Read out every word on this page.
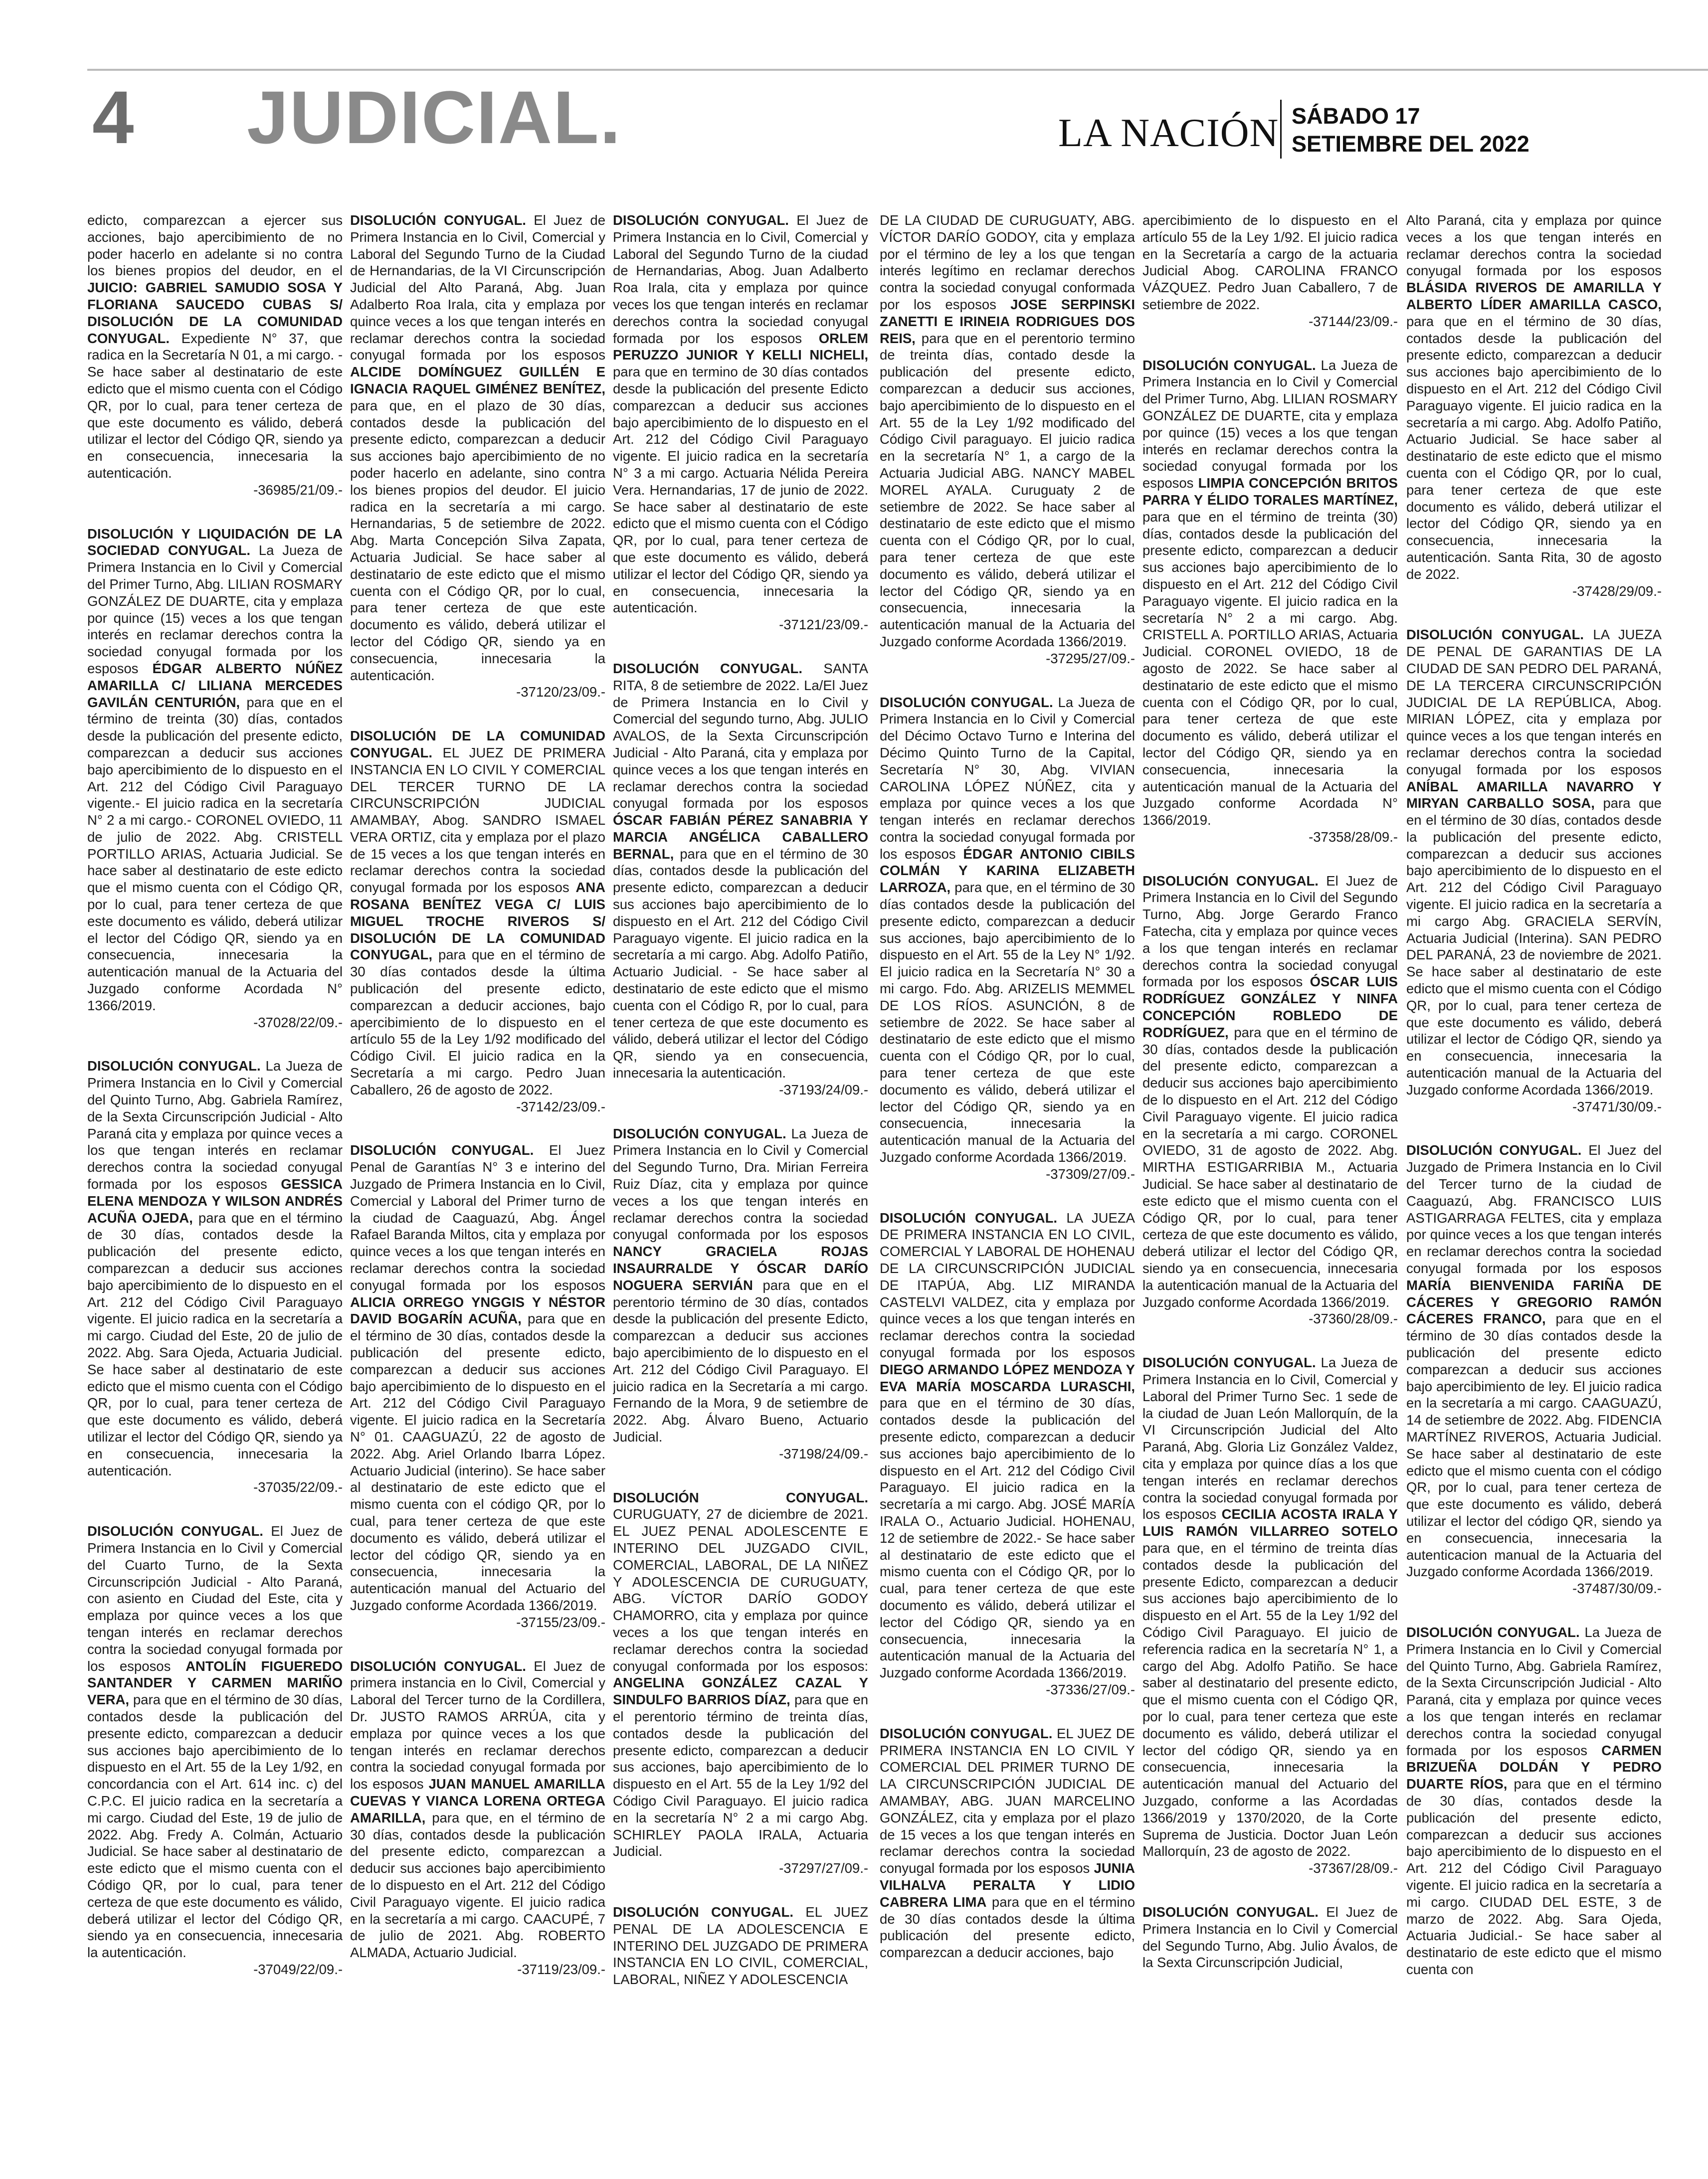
4 JUDICIAL.	LA NACIÓN SÁBADO 17
SETIEMBRE DEL 2022

edicto, comparezcan a ejercer sus acciones, bajo apercibimiento de no poder hacerlo en adelante si no contra los bienes propios del deudor, en el JUICIO: GABRIEL SAMUDIO SOSA Y FLORIANA SAUCEDO CUBAS S/ DISOLUCIÓN DE LA COMUNIDAD CONYUGAL. Expediente N° 37, que radica en la Secretaría N 01, a mi cargo. - Se hace saber al destinatario de este edicto que el mismo cuenta con el Código QR, por lo cual, para tener certeza de que este documento es válido, deberá utilizar el lector del Código QR, siendo ya en consecuencia, innecesaria la autenticación.
-36985/21/09.-

DISOLUCIÓN Y LIQUIDACIÓN DE LA SOCIEDAD CONYUGAL. La Jueza de Primera Instancia en lo Civil y Comercial del Primer Turno, Abg. LILIAN ROSMARY GONZÁLEZ DE DUARTE, cita y emplaza por quince (15) veces a los que tengan interés en reclamar derechos contra la sociedad conyugal formada por los esposos ÉDGAR ALBERTO NÚÑEZ AMARILLA C/ LILIANA MERCEDES GAVILÁN CENTURIÓN, para que en el término de treinta (30) días, contados desde la publicación del presente edicto, comparezcan a deducir sus acciones bajo apercibimiento de lo dispuesto en el Art. 212 del Código Civil Paraguayo vigente.- El juicio radica en la secretaría N° 2 a mi cargo.- CORONEL OVIEDO, 11 de julio de 2022. Abg. CRISTELL PORTILLO ARIAS, Actuaria Judicial. Se hace saber al destinatario de este edicto que el mismo cuenta con el Código QR, por lo cual, para tener certeza de que este documento es válido, deberá utilizar el lector del Código QR, siendo ya en consecuencia, innecesaria la autenticación manual de la Actuaria del Juzgado conforme Acordada N° 1366/2019.
-37028/22/09.-

DISOLUCIÓN CONYUGAL. La Jueza de Primera Instancia en lo Civil y Comercial del Quinto Turno, Abg. Gabriela Ramírez, de la Sexta Circunscripción Judicial - Alto Paraná cita y emplaza por quince veces a los que tengan interés en reclamar derechos contra la sociedad conyugal formada por los esposos GESSICA ELENA MENDOZA Y WILSON ANDRÉS ACUÑA OJEDA, para que en el término de 30 días, contados desde la publicación del presente edicto, comparezcan a deducir sus acciones bajo apercibimiento de lo dispuesto en el Art. 212 del Código Civil Paraguayo vigente. El juicio radica en la secretaría a mi cargo. Ciudad del Este, 20 de julio de 2022. Abg. Sara Ojeda, Actuaria Judicial. Se hace saber al destinatario de este edicto que el mismo cuenta con el Código QR, por lo cual, para tener certeza de que este documento es válido, deberá utilizar el lector del Código QR, siendo ya en consecuencia, innecesaria la autenticación.
-37035/22/09.-

DISOLUCIÓN CONYUGAL. El Juez de Primera Instancia en lo Civil y Comercial del Cuarto Turno, de la Sexta Circunscripción Judicial - Alto Paraná, con asiento en Ciudad del Este, cita y emplaza por quince veces a los que tengan interés en reclamar derechos contra la sociedad conyugal formada por los esposos ANTOLÍN FIGUEREDO SANTANDER Y CARMEN MARIÑO VERA, para que en el término de 30 días, contados desde la publicación del presente edicto, comparezcan a deducir sus acciones bajo apercibimiento de lo dispuesto en el Art. 55 de la Ley 1/92, en concordancia con el Art. 614 inc. c) del C.P.C. El juicio radica en la secretaría a mi cargo. Ciudad del Este, 19 de julio de 2022. Abg. Fredy A. Colmán, Actuario Judicial. Se hace saber al destinatario de este edicto que el mismo cuenta con el Código QR, por lo cual, para tener certeza de que este documento es válido, deberá utilizar el lector del Código QR, siendo ya en consecuencia, innecesaria la autenticación.
-37049/22/09.-

DISOLUCIÓN CONYUGAL. El Juez de Primera Instancia en lo Civil, Comercial y Laboral del Segundo Turno de la Ciudad de Hernandarias, de la VI Circunscripción Judicial del Alto Paraná, Abg. Juan Adalberto Roa Irala, cita y emplaza por quince veces a los que tengan interés en reclamar derechos contra la sociedad conyugal formada por los esposos ALCIDE DOMÍNGUEZ GUILLÉN E IGNACIA RAQUEL GIMÉNEZ BENÍTEZ, para que, en el plazo de 30 días, contados desde la publicación del presente edicto, comparezcan a deducir sus acciones bajo apercibimiento de no poder hacerlo en adelante, sino contra los bienes propios del deudor. El juicio radica en la secretaría a mi cargo. Hernandarias, 5 de setiembre de 2022. Abg. Marta Concepción Silva Zapata, Actuaria Judicial. Se hace saber al destinatario de este edicto que el mismo cuenta con el Código QR, por lo cual, para tener certeza de que este documento es válido, deberá utilizar el lector del Código QR, siendo ya en consecuencia, innecesaria la autenticación.
-37120/23/09.-

DISOLUCIÓN DE LA COMUNIDAD CONYUGAL. EL JUEZ DE PRIMERA INSTANCIA EN LO CIVIL Y COMERCIAL DEL TERCER TURNO DE LA CIRCUNSCRIPCIÓN JUDICIAL AMAMBAY, Abog. SANDRO ISMAEL VERA ORTIZ, cita y emplaza por el plazo de 15 veces a los que tengan interés en reclamar derechos contra la sociedad conyugal formada por los esposos ANA ROSANA BENÍTEZ VEGA C/ LUIS MIGUEL TROCHE RIVEROS S/ DISOLUCIÓN DE LA COMUNIDAD CONYUGAL, para que en el término de 30 días contados desde la última publicación del presente edicto, comparezcan a deducir acciones, bajo apercibimiento de lo dispuesto en el artículo 55 de la Ley 1/92 modificado del Código Civil. El juicio radica en la Secretaría a mi cargo. Pedro Juan Caballero, 26 de agosto de 2022.
-37142/23/09.-

DISOLUCIÓN CONYUGAL. El Juez Penal de Garantías N° 3 e interino del Juzgado de Primera Instancia en lo Civil, Comercial y Laboral del Primer turno de la ciudad de Caaguazú, Abg. Ángel Rafael Baranda Miltos, cita y emplaza por quince veces a los que tengan interés en reclamar derechos contra la sociedad conyugal formada por los esposos ALICIA ORREGO YNGGIS Y NÉSTOR DAVID BOGARÍN ACUÑA, para que en el término de 30 días, contados desde la publicación del presente edicto, comparezcan a deducir sus acciones bajo apercibimiento de lo dispuesto en el Art. 212 del Código Civil Paraguayo vigente. El juicio radica en la Secretaría N° 01. CAAGUAZÚ, 22 de agosto de 2022. Abg. Ariel Orlando Ibarra López. Actuario Judicial (interino). Se hace saber al destinatario de este edicto que el mismo cuenta con el código QR, por lo cual, para tener certeza de que este documento es válido, deberá utilizar el lector del código QR, siendo ya en consecuencia, innecesaria la autenticación manual del Actuario del Juzgado conforme Acordada 1366/2019.
-37155/23/09.-

DISOLUCIÓN CONYUGAL. El Juez de primera instancia en lo Civil, Comercial y Laboral del Tercer turno de la Cordillera, Dr. JUSTO RAMOS ARRÚA, cita y emplaza por quince veces a los que tengan interés en reclamar derechos contra la sociedad conyugal formada por los esposos JUAN MANUEL AMARILLA CUEVAS Y VIANCA LORENA ORTEGA AMARILLA, para que, en el término de 30 días, contados desde la publicación del presente edicto, comparezcan a deducir sus acciones bajo apercibimiento de lo dispuesto en el Art. 212 del Código Civil Paraguayo vigente. El juicio radica en la secretaría a mi cargo. CAACUPÉ, 7 de julio de 2021. Abg. ROBERTO ALMADA, Actuario Judicial.
-37119/23/09.-

DISOLUCIÓN CONYUGAL. El Juez de Primera Instancia en lo Civil, Comercial y Laboral del Segundo Turno de la ciudad de Hernandarias, Abog. Juan Adalberto Roa Irala, cita y emplaza por quince veces los que tengan interés en reclamar derechos contra la sociedad conyugal formada por los esposos ORLEM PERUZZO JUNIOR Y KELLI NICHELI, para que en termino de 30 días contados desde la publicación del presente Edicto comparezcan a deducir sus acciones bajo apercibimiento de lo dispuesto en el Art. 212 del Código Civil Paraguayo vigente. El juicio radica en la secretaría N° 3 a mi cargo. Actuaria Nélida Pereira Vera. Hernandarias, 17 de junio de 2022. Se hace saber al destinatario de este edicto que el mismo cuenta con el Código QR, por lo cual, para tener certeza de que este documento es válido, deberá utilizar el lector del Código QR, siendo ya en consecuencia, innecesaria la autenticación.
-37121/23/09.-

DISOLUCIÓN CONYUGAL. SANTA RITA, 8 de setiembre de 2022. La/El Juez de Primera Instancia en lo Civil y Comercial del segundo turno, Abg. JULIO AVALOS, de la Sexta Circunscripción Judicial - Alto Paraná, cita y emplaza por quince veces a los que tengan interés en reclamar derechos contra la sociedad conyugal formada por los esposos ÓSCAR FABIÁN PÉREZ SANABRIA Y MARCIA ANGÉLICA CABALLERO BERNAL, para que en el término de 30 días, contados desde la publicación del presente edicto, comparezcan a deducir sus acciones bajo apercibimiento de lo dispuesto en el Art. 212 del Código Civil Paraguayo vigente. El juicio radica en la secretaría a mi cargo. Abg. Adolfo Patiño, Actuario Judicial. - Se hace saber al destinatario de este edicto que el mismo cuenta con el Código R, por lo cual, para tener certeza de que este documento es válido, deberá utilizar el lector del Código QR, siendo ya en consecuencia, innecesaria la autenticación.
-37193/24/09.-

DISOLUCIÓN CONYUGAL. La Jueza de Primera Instancia en lo Civil y Comercial del Segundo Turno, Dra. Mirian Ferreira Ruiz Díaz, cita y emplaza por quince veces a los que tengan interés en reclamar derechos contra la sociedad conyugal conformada por los esposos NANCY GRACIELA ROJAS INSAURRALDE Y ÓSCAR DARÍO NOGUERA SERVIÁN para que en el perentorio término de 30 días, contados desde la publicación del presente Edicto, comparezcan a deducir sus acciones bajo apercibimiento de lo dispuesto en el Art. 212 del Código Civil Paraguayo. El juicio radica en la Secretaría a mi cargo. Fernando de la Mora, 9 de setiembre de 2022. Abg. Álvaro Bueno, Actuario Judicial.
-37198/24/09.-

DISOLUCIÓN CONYUGAL. CURUGUATY, 27 de diciembre de 2021. EL JUEZ PENAL ADOLESCENTE E INTERINO DEL JUZGADO CIVIL, COMERCIAL, LABORAL, DE LA NIÑEZ Y ADOLESCENCIA DE CURUGUATY, ABG. VÍCTOR DARÍO GODOY CHAMORRO, cita y emplaza por quince veces a los que tengan interés en reclamar derechos contra la sociedad conyugal conformada por los esposos: ANGELINA GONZÁLEZ CAZAL Y SINDULFO BARRIOS DÍAZ, para que en el perentorio término de treinta días, contados desde la publicación del presente edicto, comparezcan a deducir sus acciones, bajo apercibimiento de lo dispuesto en el Art. 55 de la Ley 1/92 del Código Civil Paraguayo. El juicio radica en la secretaría N° 2 a mi cargo Abg. SCHIRLEY PAOLA IRALA, Actuaria Judicial.
-37297/27/09.-

DISOLUCIÓN CONYUGAL. EL JUEZ PENAL DE LA ADOLESCENCIA E INTERINO DEL JUZGADO DE PRIMERA INSTANCIA EN LO CIVIL, COMERCIAL, LABORAL, NIÑEZ Y ADOLESCENCIA

DE LA CIUDAD DE CURUGUATY, ABG. VÍCTOR DARÍO GODOY, cita y emplaza por el término de ley a los que tengan interés legítimo en reclamar derechos contra la sociedad conyugal conformada por los esposos JOSE SERPINSKI ZANETTI E IRINEIA RODRIGUES DOS REIS, para que en el perentorio termino de treinta días, contado desde la publicación del presente edicto, comparezcan a deducir sus acciones, bajo apercibimiento de lo dispuesto en el Art. 55 de la Ley 1/92 modificado del Código Civil paraguayo. El juicio radica en la secretaría N° 1, a cargo de la Actuaria Judicial ABG. NANCY MABEL MOREL AYALA. Curuguaty 2 de setiembre de 2022. Se hace saber al destinatario de este edicto que el mismo cuenta con el Código QR, por lo cual, para tener certeza de que este documento es válido, deberá utilizar el lector del Código QR, siendo ya en consecuencia, innecesaria la autenticación manual de la Actuaria del Juzgado conforme Acordada 1366/2019.
-37295/27/09.-

DISOLUCIÓN CONYUGAL. La Jueza de Primera Instancia en lo Civil y Comercial del Décimo Octavo Turno e Interina del Décimo Quinto Turno de la Capital, Secretaría N° 30, Abg. VIVIAN CAROLINA LÓPEZ NÚÑEZ, cita y emplaza por quince veces a los que tengan interés en reclamar derechos contra la sociedad conyugal formada por los esposos ÉDGAR ANTONIO CIBILS COLMÁN Y KARINA ELIZABETH LARROZA, para que, en el término de 30 días contados desde la publicación del presente edicto, comparezcan a deducir sus acciones, bajo apercibimiento de lo dispuesto en el Art. 55 de la Ley N° 1/92. El juicio radica en la Secretaría N° 30 a mi cargo. Fdo. Abg. ARIZELIS MEMMEL DE LOS RÍOS. ASUNCIÓN, 8 de setiembre de 2022. Se hace saber al destinatario de este edicto que el mismo cuenta con el Código QR, por lo cual, para tener certeza de que este documento es válido, deberá utilizar el lector del Código QR, siendo ya en consecuencia, innecesaria la autenticación manual de la Actuaria del Juzgado conforme Acordada 1366/2019.
-37309/27/09.-

DISOLUCIÓN CONYUGAL. LA JUEZA DE PRIMERA INSTANCIA EN LO CIVIL, COMERCIAL Y LABORAL DE HOHENAU DE LA CIRCUNSCRIPCIÓN JUDICIAL DE ITAPÚA, Abg. LIZ MIRANDA CASTELVI VALDEZ, cita y emplaza por quince veces a los que tengan interés en reclamar derechos contra la sociedad conyugal formada por los esposos DIEGO ARMANDO LÓPEZ MENDOZA Y EVA MARÍA MOSCARDA LURASCHI, para que en el término de 30 días, contados desde la publicación del presente edicto, comparezcan a deducir sus acciones bajo apercibimiento de lo dispuesto en el Art. 212 del Código Civil Paraguayo. El juicio radica en la secretaría a mi cargo. Abg. JOSÉ MARÍA IRALA O., Actuario Judicial. HOHENAU, 12 de setiembre de 2022.- Se hace saber al destinatario de este edicto que el mismo cuenta con el Código QR, por lo cual, para tener certeza de que este documento es válido, deberá utilizar el lector del Código QR, siendo ya en consecuencia, innecesaria la autenticación manual de la Actuaria del Juzgado conforme Acordada 1366/2019.
-37336/27/09.-

DISOLUCIÓN CONYUGAL. EL JUEZ DE PRIMERA INSTANCIA EN LO CIVIL Y COMERCIAL DEL PRIMER TURNO DE LA CIRCUNSCRIPCIÓN JUDICIAL DE AMAMBAY, ABG. JUAN MARCELINO GONZÁLEZ, cita y emplaza por el plazo de 15 veces a los que tengan interés en reclamar derechos contra la sociedad conyugal formada por los esposos JUNIA VILHALVA PERALTA Y LIDIO CABRERA LIMA para que en el término de 30 días contados desde la última publicación del presente edicto, comparezcan a deducir acciones, bajo

apercibimiento de lo dispuesto en el artículo 55 de la Ley 1/92. El juicio radica en la Secretaría a cargo de la actuaria Judicial Abog. CAROLINA FRANCO VÁZQUEZ. Pedro Juan Caballero, 7 de setiembre de 2022.
-37144/23/09.-

DISOLUCIÓN CONYUGAL. La Jueza de Primera Instancia en lo Civil y Comercial del Primer Turno, Abg. LILIAN ROSMARY GONZÁLEZ DE DUARTE, cita y emplaza por quince (15) veces a los que tengan interés en reclamar derechos contra la sociedad conyugal formada por los esposos LIMPIA CONCEPCIÓN BRITOS PARRA Y ÉLIDO TORALES MARTÍNEZ, para que en el término de treinta (30) días, contados desde la publicación del presente edicto, comparezcan a deducir sus acciones bajo apercibimiento de lo dispuesto en el Art. 212 del Código Civil Paraguayo vigente. El juicio radica en la secretaría N° 2 a mi cargo. Abg. CRISTELL A. PORTILLO ARIAS, Actuaria Judicial. CORONEL OVIEDO, 18 de agosto de 2022. Se hace saber al destinatario de este edicto que el mismo cuenta con el Código QR, por lo cual, para tener certeza de que este documento es válido, deberá utilizar el lector del Código QR, siendo ya en consecuencia, innecesaria la autenticación manual de la Actuaria del Juzgado conforme Acordada N° 1366/2019.
-37358/28/09.-

DISOLUCIÓN CONYUGAL. El Juez de Primera Instancia en lo Civil del Segundo Turno, Abg. Jorge Gerardo Franco Fatecha, cita y emplaza por quince veces a los que tengan interés en reclamar derechos contra la sociedad conyugal formada por los esposos ÓSCAR LUIS RODRÍGUEZ GONZÁLEZ Y NINFA CONCEPCIÓN ROBLEDO DE RODRÍGUEZ, para que en el término de 30 días, contados desde la publicación del presente edicto, comparezcan a deducir sus acciones bajo apercibimiento de lo dispuesto en el Art. 212 del Código Civil Paraguayo vigente. El juicio radica en la secretaría a mi cargo. CORONEL OVIEDO, 31 de agosto de 2022. Abg. MIRTHA ESTIGARRIBIA M., Actuaria Judicial. Se hace saber al destinatario de este edicto que el mismo cuenta con el Código QR, por lo cual, para tener certeza de que este documento es válido, deberá utilizar el lector del Código QR, siendo ya en consecuencia, innecesaria la autenticación manual de la Actuaria del Juzgado conforme Acordada 1366/2019.
-37360/28/09.-

DISOLUCIÓN CONYUGAL. La Jueza de Primera Instancia en lo Civil, Comercial y Laboral del Primer Turno Sec. 1 sede de la ciudad de Juan León Mallorquín, de la VI Circunscripción Judicial del Alto Paraná, Abg. Gloria Liz González Valdez, cita y emplaza por quince días a los que tengan interés en reclamar derechos contra la sociedad conyugal formada por los esposos CECILIA ACOSTA IRALA Y LUIS RAMÓN VILLARREO SOTELO para que, en el término de treinta días contados desde la publicación del presente Edicto, comparezcan a deducir sus acciones bajo apercibimiento de lo dispuesto en el Art. 55 de la Ley 1/92 del Código Civil Paraguayo. El juicio de referencia radica en la secretaría N° 1, a cargo del Abg. Adolfo Patiño. Se hace saber al destinatario del presente edicto, que el mismo cuenta con el Código QR, por lo cual, para tener certeza que este documento es válido, deberá utilizar el lector del código QR, siendo ya en consecuencia, innecesaria la autenticación manual del Actuario del Juzgado, conforme a las Acordadas 1366/2019 y 1370/2020, de la Corte Suprema de Justicia. Doctor Juan León Mallorquín, 23 de agosto de 2022.
-37367/28/09.-

DISOLUCIÓN CONYUGAL. El Juez de Primera Instancia en lo Civil y Comercial del Segundo Turno, Abg. Julio Ávalos, de la Sexta Circunscripción Judicial,

Alto Paraná, cita y emplaza por quince veces a los que tengan interés en reclamar derechos contra la sociedad conyugal formada por los esposos BLÁSIDA RIVEROS DE AMARILLA Y ALBERTO LÍDER AMARILLA CASCO, para que en el término de 30 días, contados desde la publicación del presente edicto, comparezcan a deducir sus acciones bajo apercibimiento de lo dispuesto en el Art. 212 del Código Civil Paraguayo vigente. El juicio radica en la secretaría a mi cargo. Abg. Adolfo Patiño, Actuario Judicial. Se hace saber al destinatario de este edicto que el mismo cuenta con el Código QR, por lo cual, para tener certeza de que este documento es válido, deberá utilizar el lector del Código QR, siendo ya en consecuencia, innecesaria la autenticación. Santa Rita, 30 de agosto de 2022.
-37428/29/09.-

DISOLUCIÓN CONYUGAL. LA JUEZA DE PENAL DE GARANTIAS DE LA CIUDAD DE SAN PEDRO DEL PARANÁ, DE LA TERCERA CIRCUNSCRIPCIÓN JUDICIAL DE LA REPÚBLICA, Abog. MIRIAN LÓPEZ, cita y emplaza por quince veces a los que tengan interés en reclamar derechos contra la sociedad conyugal formada por los esposos ANÍBAL AMARILLA NAVARRO Y MIRYAN CARBALLO SOSA, para que en el término de 30 días, contados desde la publicación del presente edicto, comparezcan a deducir sus acciones bajo apercibimiento de lo dispuesto en el Art. 212 del Código Civil Paraguayo vigente. El juicio radica en la secretaría a mi cargo Abg. GRACIELA SERVÍN, Actuaria Judicial (Interina). SAN PEDRO DEL PARANÁ, 23 de noviembre de 2021. Se hace saber al destinatario de este edicto que el mismo cuenta con el Código QR, por lo cual, para tener certeza de que este documento es válido, deberá utilizar el lector de Código QR, siendo ya en consecuencia, innecesaria la autenticación manual de la Actuaria del Juzgado conforme Acordada 1366/2019.
-37471/30/09.-

DISOLUCIÓN CONYUGAL. El Juez del Juzgado de Primera Instancia en lo Civil del Tercer turno de la ciudad de Caaguazú, Abg. FRANCISCO LUIS ASTIGARRAGA FELTES, cita y emplaza por quince veces a los que tengan interés en reclamar derechos contra la sociedad conyugal formada por los esposos MARÍA BIENVENIDA FARIÑA DE CÁCERES Y GREGORIO RAMÓN CÁCERES FRANCO, para que en el término de 30 días contados desde la publicación del presente edicto comparezcan a deducir sus acciones bajo apercibimiento de ley. El juicio radica en la secretaría a mi cargo. CAAGUAZÚ, 14 de setiembre de 2022. Abg. FIDENCIA MARTÍNEZ RIVEROS, Actuaria Judicial. Se hace saber al destinatario de este edicto que el mismo cuenta con el código QR, por lo cual, para tener certeza de que este documento es válido, deberá utilizar el lector del código QR, siendo ya en consecuencia, innecesaria la autenticacion manual de la Actuaria del Juzgado conforme Acordada 1366/2019.
-37487/30/09.-

DISOLUCIÓN CONYUGAL. La Jueza de Primera Instancia en lo Civil y Comercial del Quinto Turno, Abg. Gabriela Ramírez, de la Sexta Circunscripción Judicial - Alto Paraná, cita y emplaza por quince veces a los que tengan interés en reclamar derechos contra la sociedad conyugal formada por los esposos CARMEN BRIZUEÑA DOLDÁN Y PEDRO DUARTE RÍOS, para que en el término de 30 días, contados desde la publicación del presente edicto, comparezcan a deducir sus acciones bajo apercibimiento de lo dispuesto en el Art. 212 del Código Civil Paraguayo vigente. El juicio radica en la secretaría a mi cargo. CIUDAD DEL ESTE, 3 de marzo de 2022. Abg. Sara Ojeda, Actuaria Judicial.- Se hace saber al destinatario de este edicto que el mismo cuenta con
